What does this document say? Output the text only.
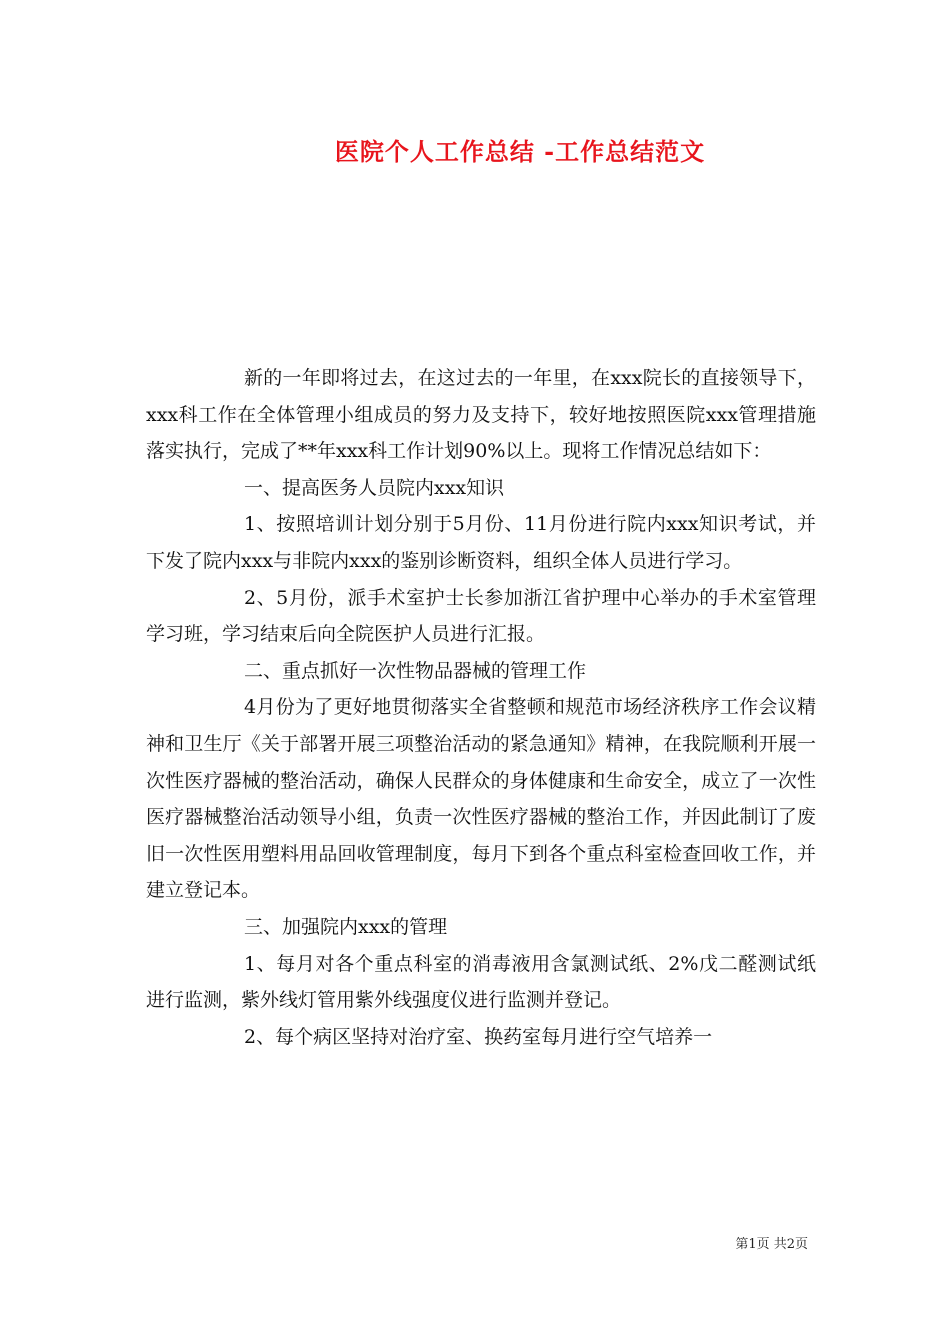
医院个人工作总结 -工作总结范文

新的一年即将过去，在这过去的一年里，在xxx院长的直接领导下，xxx科工作在全体管理小组成员的努力及支持下，较好地按照医院xxx管理措施落实执行，完成了**年xxx科工作计划90%以上。现将工作情况总结如下：

一、提高医务人员院内xxx知识

1、按照培训计划分别于5月份、11月份进行院内xxx知识考试，并下发了院内xxx与非院内xxx的鉴别诊断资料，组织全体人员进行学习。

2、5月份，派手术室护士长参加浙江省护理中心举办的手术室管理学习班，学习结束后向全院医护人员进行汇报。

二、重点抓好一次性物品器械的管理工作

4月份为了更好地贯彻落实全省整顿和规范市场经济秩序工作会议精神和卫生厅《关于部署开展三项整治活动的紧急通知》精神，在我院顺利开展一次性医疗器械的整治活动，确保人民群众的身体健康和生命安全，成立了一次性医疗器械整治活动领导小组，负责一次性医疗器械的整治工作，并因此制订了废旧一次性医用塑料用品回收管理制度，每月下到各个重点科室检查回收工作，并建立登记本。

三、加强院内xxx的管理

1、每月对各个重点科室的消毒液用含氯测试纸、2%戊二醛测试纸进行监测，紫外线灯管用紫外线强度仪进行监测并登记。

2、每个病区坚持对治疗室、换药室每月进行空气培养一

第1页 共2页
